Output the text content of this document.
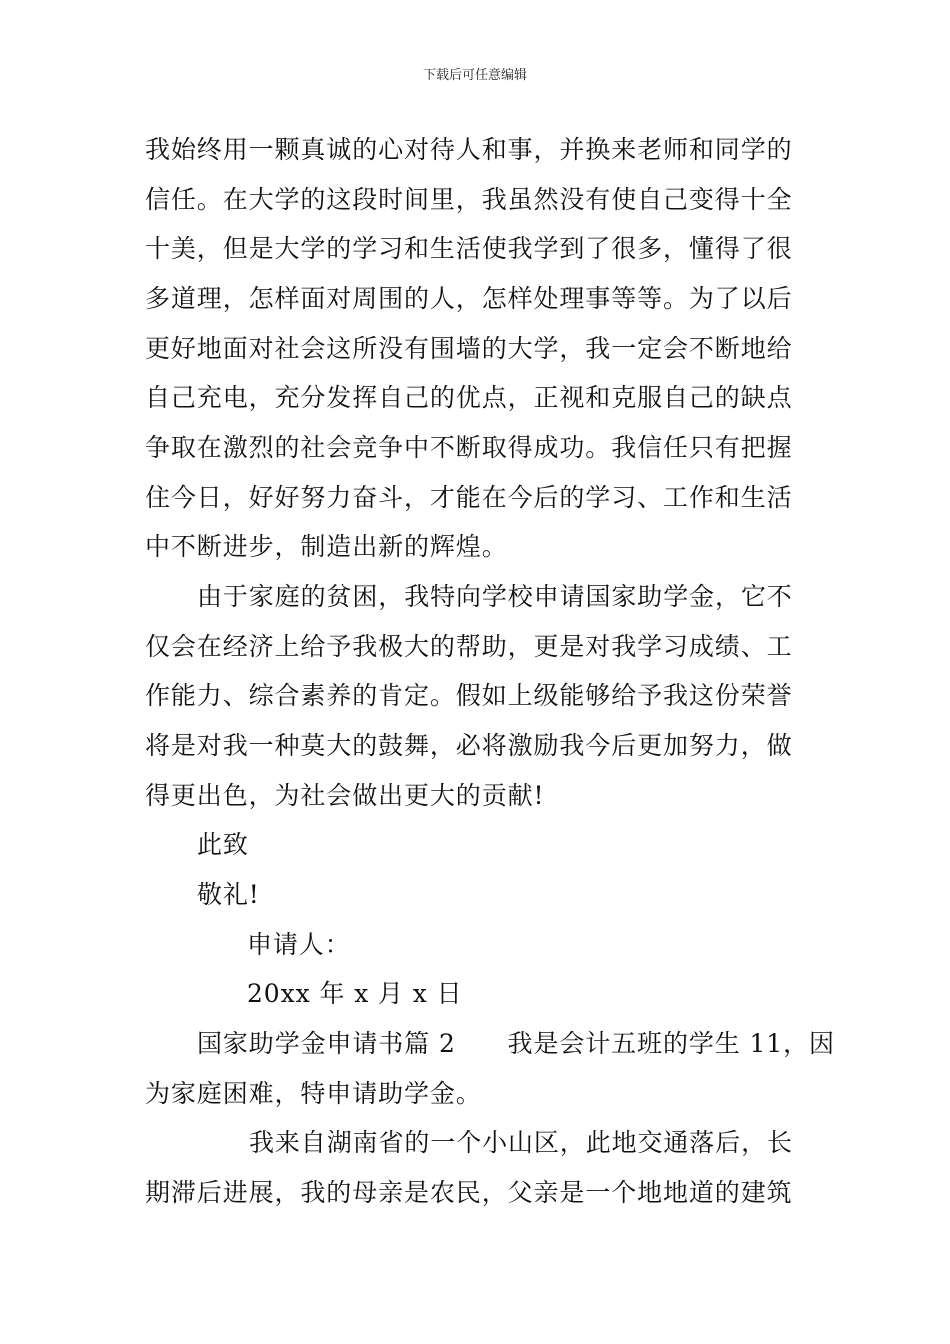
下载后可任意编辑
我始终用一颗真诚的心对待人和事，并换来老师和同学的
信任。在大学的这段时间里，我虽然没有使自己变得十全
十美，但是大学的学习和生活使我学到了很多，懂得了很
多道理，怎样面对周围的人，怎样处理事等等。为了以后
更好地面对社会这所没有围墙的大学，我一定会不断地给
自己充电，充分发挥自己的优点，正视和克服自己的缺点
争取在激烈的社会竞争中不断取得成功。我信任只有把握
住今日，好好努力奋斗，才能在今后的学习、工作和生活
中不断进步，制造出新的辉煌。
由于家庭的贫困，我特向学校申请国家助学金，它不
仅会在经济上给予我极大的帮助，更是对我学习成绩、工
作能力、综合素养的肯定。假如上级能够给予我这份荣誉
将是对我一种莫大的鼓舞，必将激励我今后更加努力，做
得更出色，为社会做出更大的贡献!
此致
敬礼!
申请人：
20xx 年 x 月 x 日
国家助学金申请书篇 2　　我是会计五班的学生 11，因
为家庭困难，特申请助学金。
我来自湖南省的一个小山区，此地交通落后，长
期滞后进展，我的母亲是农民，父亲是一个地地道的建筑
